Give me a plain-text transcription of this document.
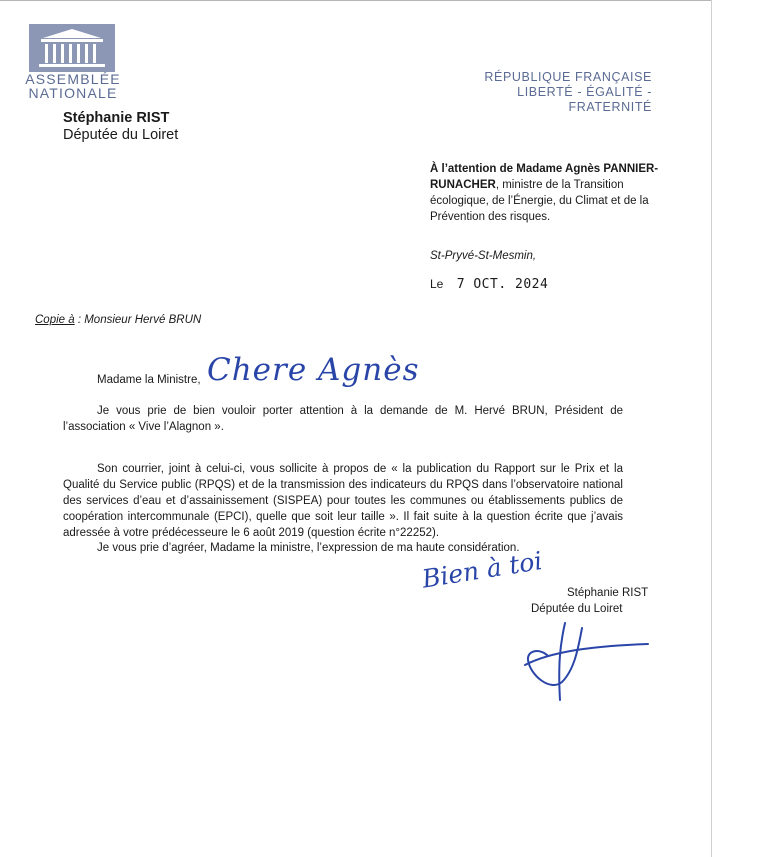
ASSEMBLÉE
NATIONALE
Stéphanie RIST
Députée du Loiret
RÉPUBLIQUE FRANÇAISE
LIBERTÉ - ÉGALITÉ - FRATERNITÉ
À l’attention de Madame Agnès PANNIER-RUNACHER, ministre de la Transition écologique, de l’Énergie, du Climat et de la Prévention des risques.
St-Pryvé-St-Mesmin,
Le 7 OCT. 2024
Copie à : Monsieur Hervé BRUN
Madame la Ministre, Chere Agnès
Je vous prie de bien vouloir porter attention à la demande de M. Hervé BRUN, Président de l’association « Vive l’Alagnon ».
Son courrier, joint à celui-ci, vous sollicite à propos de « la publication du Rapport sur le Prix et la Qualité du Service public (RPQS) et de la transmission des indicateurs du RPQS dans l’observatoire national des services d’eau et d’assainissement (SISPEA) pour toutes les communes ou établissements publics de coopération intercommunale (EPCI), quelle que soit leur taille ». Il fait suite à la question écrite que j’avais adressée à votre prédécesseure le 6 août 2019 (question écrite n°22252).
Je vous prie d’agréer, Madame la ministre, l’expression de ma haute considération.
Bien à toi Stéphanie RIST
Députée du Loiret
